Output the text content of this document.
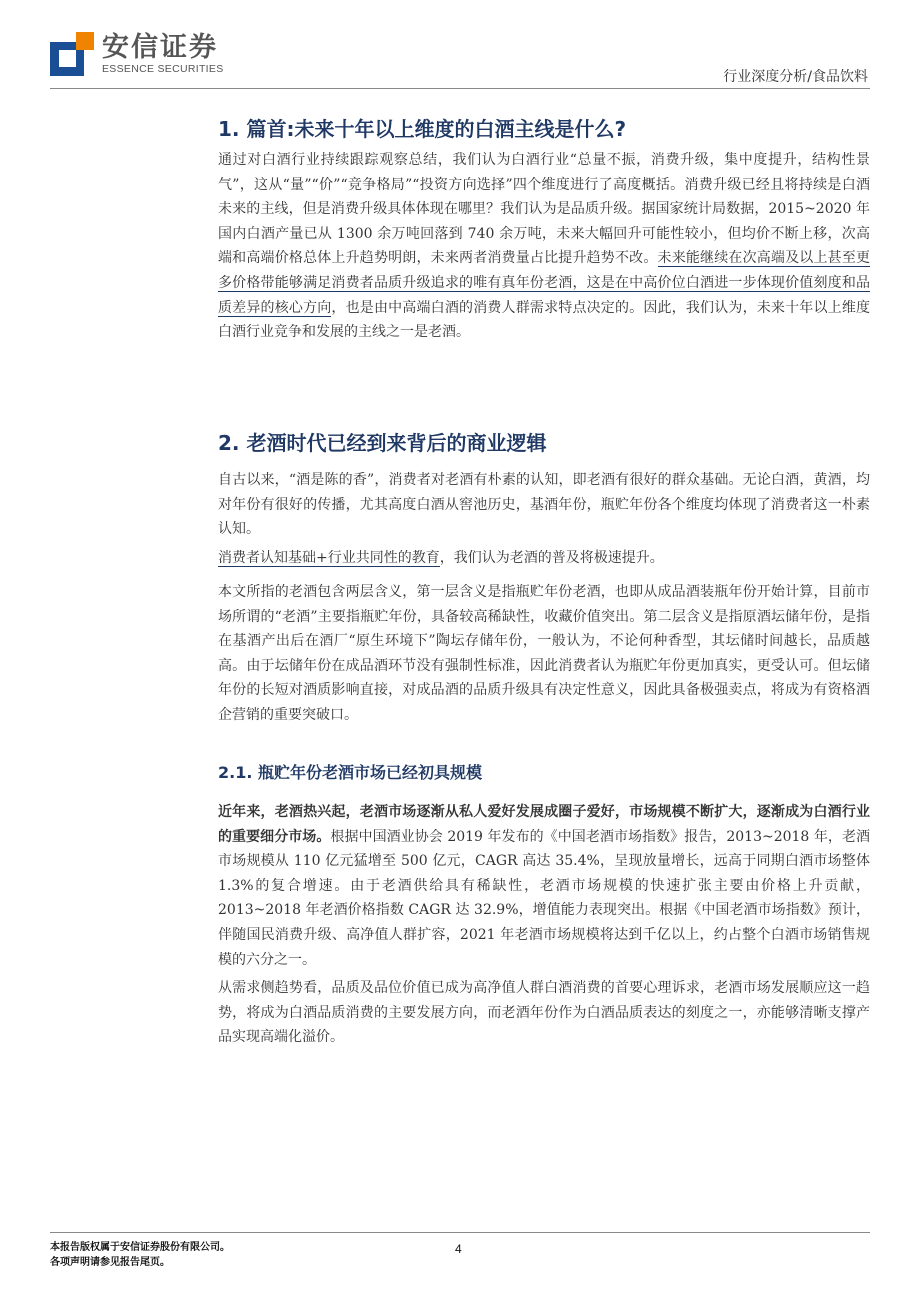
安信证券
ESSENCE SECURITIES
行业深度分析/食品饮料
1. 篇首:未来十年以上维度的白酒主线是什么?

通过对白酒行业持续跟踪观察总结，我们认为白酒行业“总量不振，消费升级，集中度提升，结构性景气”，这从“量”“价”“竞争格局”“投资方向选择”四个维度进行了高度概括。消费升级已经且将持续是白酒未来的主线，但是消费升级具体体现在哪里？我们认为是品质升级。据国家统计局数据，2015~2020 年国内白酒产量已从 1300 余万吨回落到 740 余万吨，未来大幅回升可能性较小，但均价不断上移，次高端和高端价格总体上升趋势明朗，未来两者消费量占比提升趋势不改。未来能继续在次高端及以上甚至更多价格带能够满足消费者品质升级追求的唯有真年份老酒，这是在中高价位白酒进一步体现价值刻度和品质差异的核心方向，也是由中高端白酒的消费人群需求特点决定的。因此，我们认为，未来十年以上维度白酒行业竞争和发展的主线之一是老酒。

2. 老酒时代已经到来背后的商业逻辑

自古以来，“酒是陈的香”，消费者对老酒有朴素的认知，即老酒有很好的群众基础。无论白酒，黄酒，均对年份有很好的传播，尤其高度白酒从窖池历史，基酒年份，瓶贮年份各个维度均体现了消费者这一朴素认知。

消费者认知基础+行业共同性的教育，我们认为老酒的普及将极速提升。

本文所指的老酒包含两层含义，第一层含义是指瓶贮年份老酒，也即从成品酒装瓶年份开始计算，目前市场所谓的“老酒”主要指瓶贮年份，具备较高稀缺性，收藏价值突出。第二层含义是指原酒坛储年份，是指在基酒产出后在酒厂“原生环境下”陶坛存储年份，一般认为，不论何种香型，其坛储时间越长，品质越高。由于坛储年份在成品酒环节没有强制性标准，因此消费者认为瓶贮年份更加真实，更受认可。但坛储年份的长短对酒质影响直接，对成品酒的品质升级具有决定性意义，因此具备极强卖点，将成为有资格酒企营销的重要突破口。

2.1. 瓶贮年份老酒市场已经初具规模

近年来，老酒热兴起，老酒市场逐渐从私人爱好发展成圈子爱好，市场规模不断扩大，逐渐成为白酒行业的重要细分市场。根据中国酒业协会 2019 年发布的《中国老酒市场指数》报告，2013~2018 年，老酒市场规模从 110 亿元猛增至 500 亿元，CAGR 高达 35.4%，呈现放量增长，远高于同期白酒市场整体 1.3%的复合增速。由于老酒供给具有稀缺性，老酒市场规模的快速扩张主要由价格上升贡献，2013~2018 年老酒价格指数 CAGR 达 32.9%，增值能力表现突出。根据《中国老酒市场指数》预计，伴随国民消费升级、高净值人群扩容，2021 年老酒市场规模将达到千亿以上，约占整个白酒市场销售规模的六分之一。

从需求侧趋势看，品质及品位价值已成为高净值人群白酒消费的首要心理诉求，老酒市场发展顺应这一趋势，将成为白酒品质消费的主要发展方向，而老酒年份作为白酒品质表达的刻度之一，亦能够清晰支撑产品实现高端化溢价。

本报告版权属于安信证券股份有限公司。
各项声明请参见报告尾页。
4
